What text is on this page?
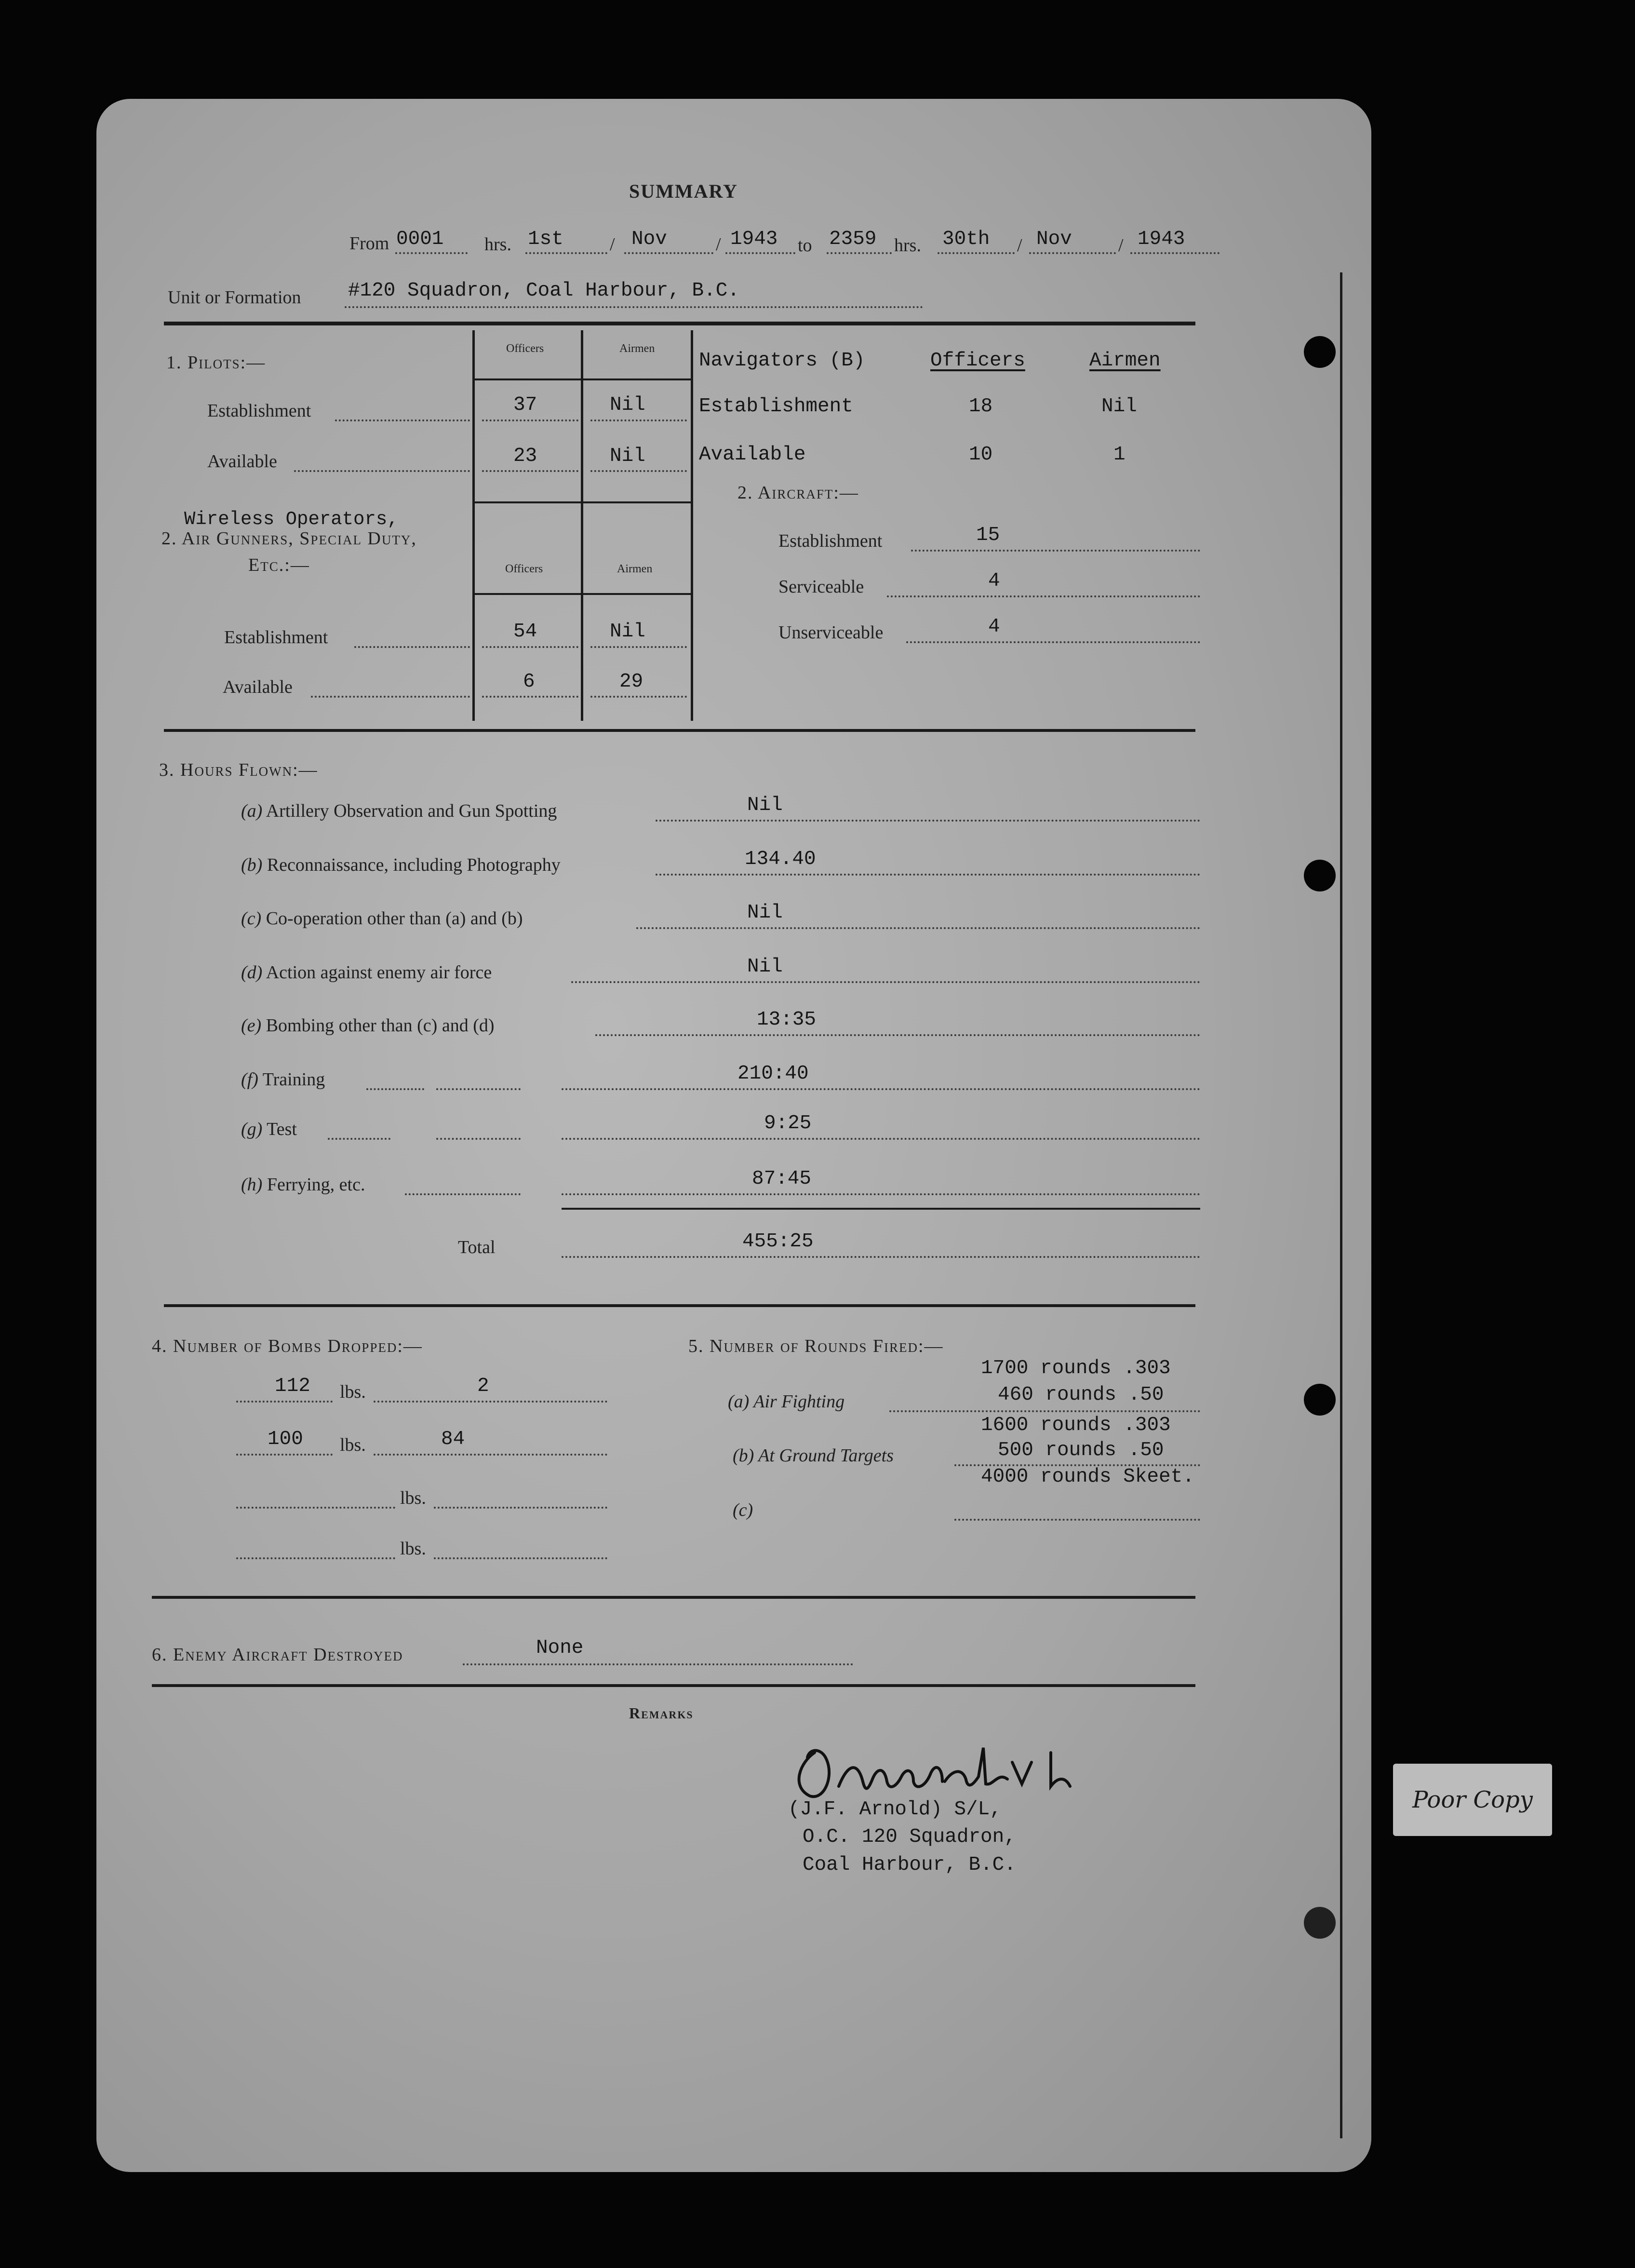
SUMMARY
From 0001 hrs. 1st	/ Nov	/ 1943 to 2359 hrs. 30th / Nov	/ 1943
Unit or Formation #120 Squadron, Coal Harbour, B.C.
1. Pilots:—
Officers	Airmen
Establishment	37	Nil
Available	23	Nil
Wireless Operators,
2. Air Gunners, Special Duty,
Etc.:—	Officers	Airmen
Establishment	54	Nil
Available	6	29
Navigators (B)	Officers	Airmen
Establishment	18	Nil
Available	10	1
2. Aircraft:—
Establishment	15
Serviceable	4
Unserviceable	4
3. Hours Flown:—
(a) Artillery Observation and Gun Spotting	Nil
(b) Reconnaissance, including Photography	134.40
(c) Co-operation other than (a) and (b)	Nil
(d) Action against enemy air force	Nil
(e) Bombing other than (c) and (d)	13:35
(f) Training	210:40
(g) Test	9:25
(h) Ferrying, etc.	87:45
Total	455:25
4. Number of Bombs Dropped:—
112 lbs.	2
100 lbs.	84
lbs.
lbs.
5. Number of Rounds Fired:—
1700 rounds .303
(a) Air Fighting	460 rounds .50
1600 rounds .303
(b) At Ground Targets	500 rounds .50
4000 rounds Skeet.
(c)
6. Enemy Aircraft Destroyed	None
Remarks
(J.F. Arnold) S/L,
O.C. 120 Squadron,
Coal Harbour, B.C.
Poor Copy
